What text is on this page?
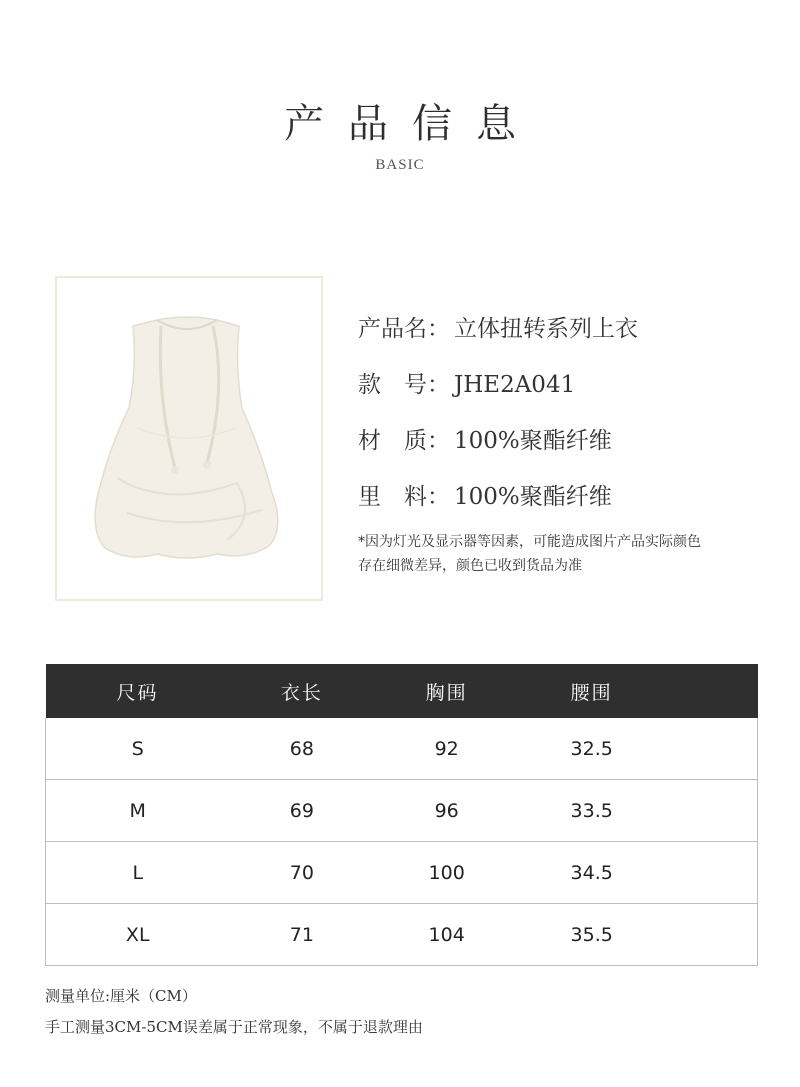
产品信息
BASIC
产品名： 立体扭转系列上衣
款　号： JHE2A041
材　质： 100%聚酯纤维
里　料： 100%聚酯纤维
*因为灯光及显示器等因素，可能造成图片产品实际颜色
存在细微差异，颜色已收到货品为准
尺码	衣长	胸围	腰围	
S	68	92	32.5	
M	69	96	33.5	
L	70	100	34.5	
XL	71	104	35.5	
测量单位:厘米（CM）
手工测量3CM-5CM误差属于正常现象，不属于退款理由
